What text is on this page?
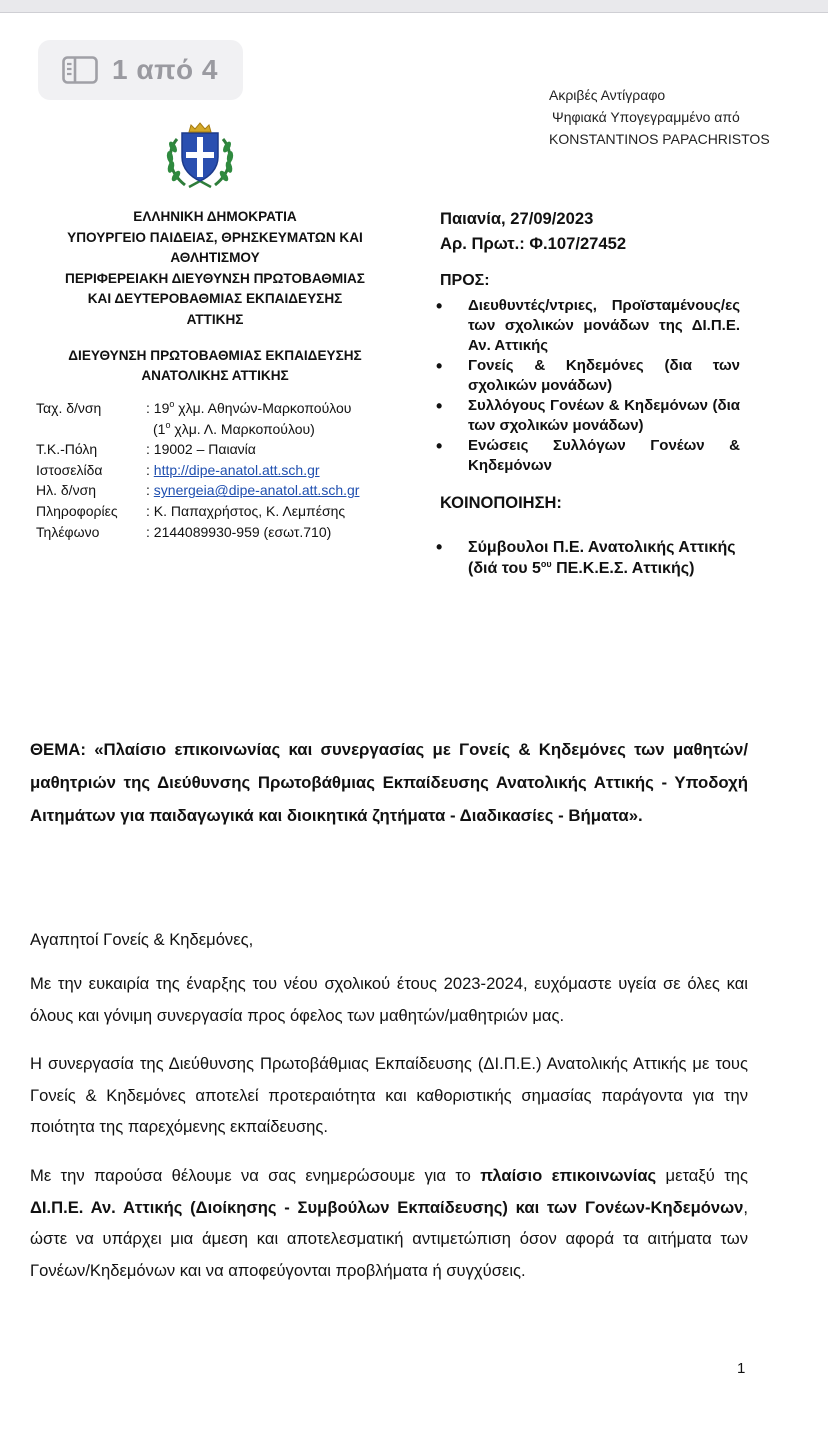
1 από 4
Ακριβές Αντίγραφο
Ψηφιακά Υπογεγραμμένο από
KONSTANTINOS PAPACHRISTOS
ΕΛΛΗΝΙΚΗ ΔΗΜΟΚΡΑΤΙΑ
ΥΠΟΥΡΓΕΙΟ ΠΑΙΔΕΙΑΣ, ΘΡΗΣΚΕΥΜΑΤΩΝ ΚΑΙ
ΑΘΛΗΤΙΣΜΟΥ
ΠΕΡΙΦΕΡΕΙΑΚΗ ΔΙΕΥΘΥΝΣΗ ΠΡΩΤΟΒΑΘΜΙΑΣ
ΚΑΙ ΔΕΥΤΕΡΟΒΑΘΜΙΑΣ ΕΚΠΑΙΔΕΥΣΗΣ
ΑΤΤΙΚΗΣ
ΔΙΕΥΘΥΝΣΗ ΠΡΩΤΟΒΑΘΜΙΑΣ ΕΚΠΑΙΔΕΥΣΗΣ
ΑΝΑΤΟΛΙΚΗΣ ΑΤΤΙΚΗΣ
Ταχ. δ/νση	: $19^o$ χλμ. Αθηνών-Μαρκοπούλου
($1^o$ χλμ. Λ. Μαρκοπούλου)
Τ.Κ.-Πόλη	: 19002 – Παιανία
Ιστοσελίδα	: http://dipe-anatol.att.sch.gr
Ηλ. δ/νση	: synergeia@dipe-anatol.att.sch.gr
Πληροφορίες	: Κ. Παπαχρήστος, Κ. Λεμπέσης
Τηλέφωνο	: 2144089930-959 (εσωτ.710)
Παιανία, 27/09/2023
Αρ. Πρωτ.: Φ.107/27452
ΠΡΟΣ:
• Διευθυντές/ντριες, Προϊσταμένους/ες των σχολικών μονάδων της ΔΙ.Π.Ε. Αν. Αττικής
• Γονείς & Κηδεμόνες (δια των σχολικών μονάδων)
• Συλλόγους Γονέων & Κηδεμόνων (δια των σχολικών μονάδων)
• Ενώσεις Συλλόγων Γονέων & Κηδεμόνων
ΚΟΙΝΟΠΟΙΗΣΗ:
• Σύμβουλοι Π.Ε. Ανατολικής Αττικής
(διά του $5^{o\upsilon}$ ΠΕ.Κ.Ε.Σ. Αττικής)
ΘΕΜΑ: «Πλαίσιο επικοινωνίας και συνεργασίας με Γονείς & Κηδεμόνες των μαθητών/μαθητριών της Διεύθυνσης Πρωτοβάθμιας Εκπαίδευσης Ανατολικής Αττικής - Υποδοχή Αιτημάτων για παιδαγωγικά και διοικητικά ζητήματα - Διαδικασίες - Βήματα».
Αγαπητοί Γονείς & Κηδεμόνες,
Με την ευκαιρία της έναρξης του νέου σχολικού έτους 2023-2024, ευχόμαστε υγεία σε όλες και όλους και γόνιμη συνεργασία προς όφελος των μαθητών/μαθητριών μας.
Η συνεργασία της Διεύθυνσης Πρωτοβάθμιας Εκπαίδευσης (ΔΙ.Π.Ε.) Ανατολικής Αττικής με τους Γονείς & Κηδεμόνες αποτελεί προτεραιότητα και καθοριστικής σημασίας παράγοντα για την ποιότητα της παρεχόμενης εκπαίδευσης.
Με την παρούσα θέλουμε να σας ενημερώσουμε για το πλαίσιο επικοινωνίας μεταξύ της ΔΙ.Π.Ε. Αν. Αττικής (Διοίκησης - Συμβούλων Εκπαίδευσης) και των Γονέων-Κηδεμόνων, ώστε να υπάρχει μια άμεση και αποτελεσματική αντιμετώπιση όσον αφορά τα αιτήματα των Γονέων/Κηδεμόνων και να αποφεύγονται προβλήματα ή συγχύσεις.
1
